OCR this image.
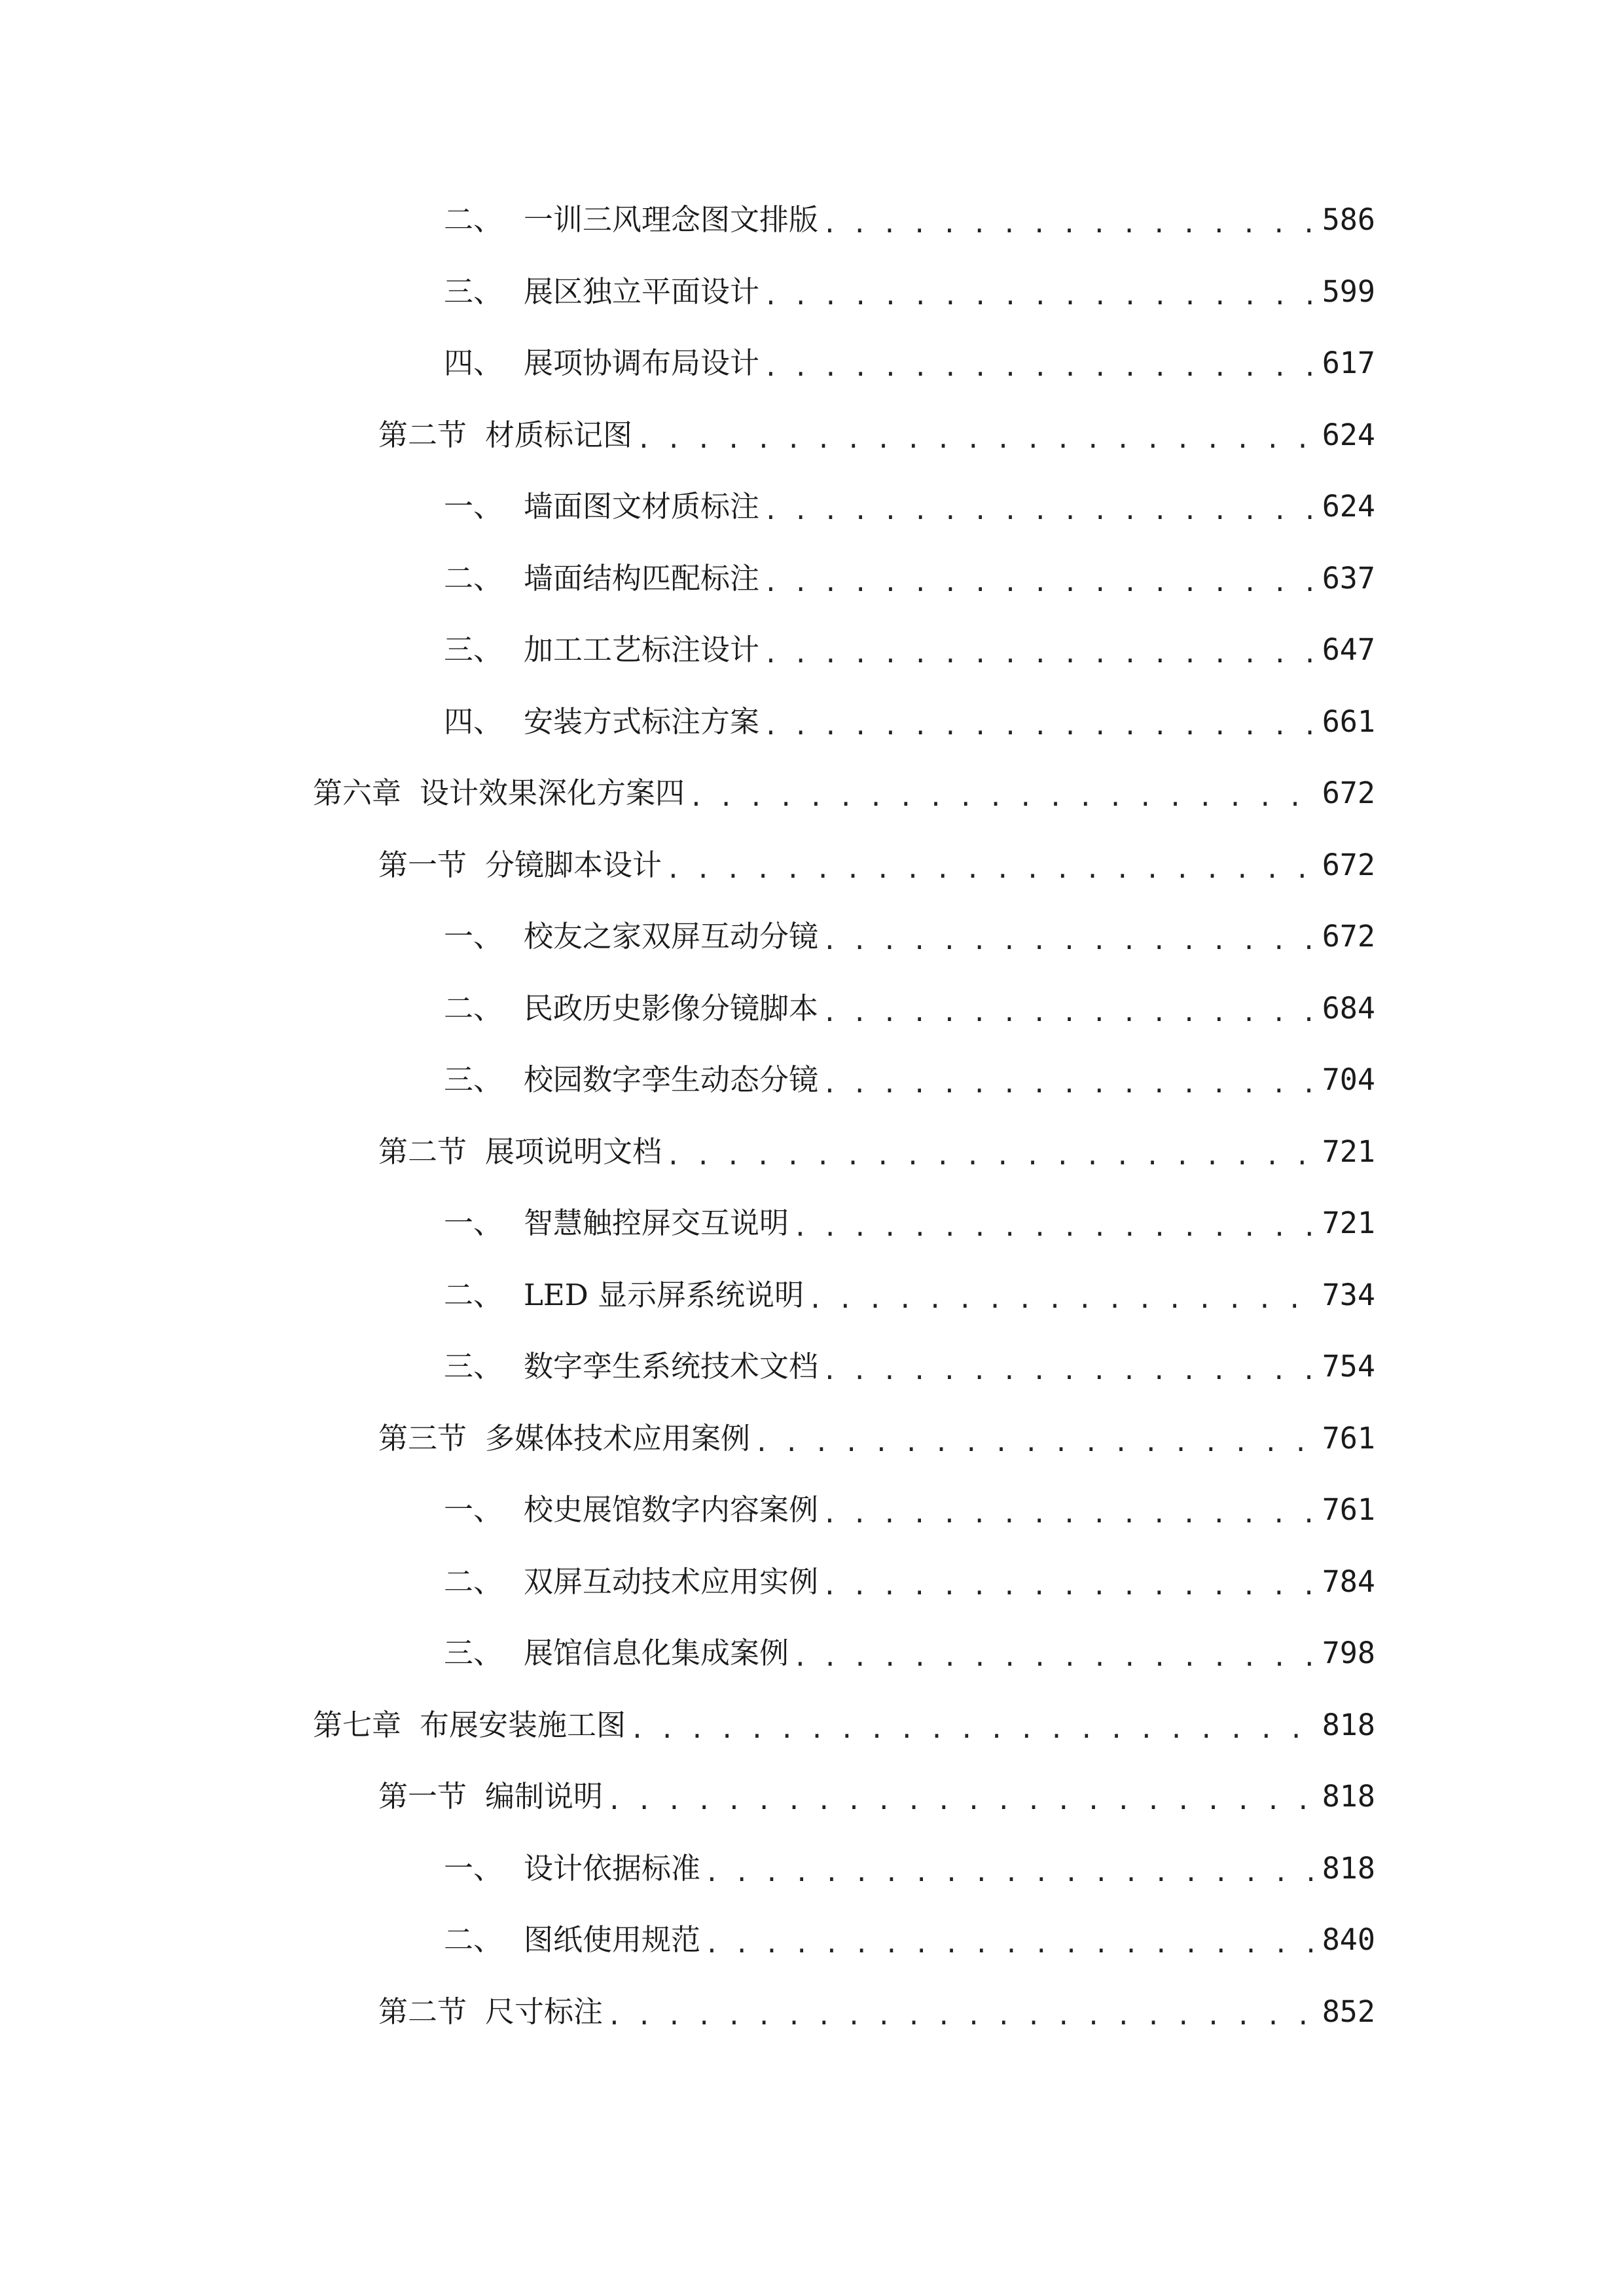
二、 一训三风理念图文排版 . . .	586
三、 展区独立平面设计 . . .	599
四、 展项协调布局设计 . . .	617
第二节 材质标记图 . . .	624
一、 墙面图文材质标注 . . .	624
二、 墙面结构匹配标注 . . .	637
三、 加工工艺标注设计 . . .	647
四、 安装方式标注方案 . . .	661
第六章 设计效果深化方案四 . . .	672
第一节 分镜脚本设计 . . .	672
一、 校友之家双屏互动分镜 . . .	672
二、 民政历史影像分镜脚本 . . .	684
三、 校园数字孪生动态分镜 . . .	704
第二节 展项说明文档 . . .	721
一、 智慧触控屏交互说明 . . .	721
二、 LED 显示屏系统说明 . . .	734
三、 数字孪生系统技术文档 . . .	754
第三节 多媒体技术应用案例 . . .	761
一、 校史展馆数字内容案例 . . .	761
二、 双屏互动技术应用实例 . . .	784
三、 展馆信息化集成案例 . . .	798
第七章 布展安装施工图 . . .	818
第一节 编制说明 . . .	818
一、 设计依据标准 . . .	818
二、 图纸使用规范 . . .	840
第二节 尺寸标注 . . .	852
